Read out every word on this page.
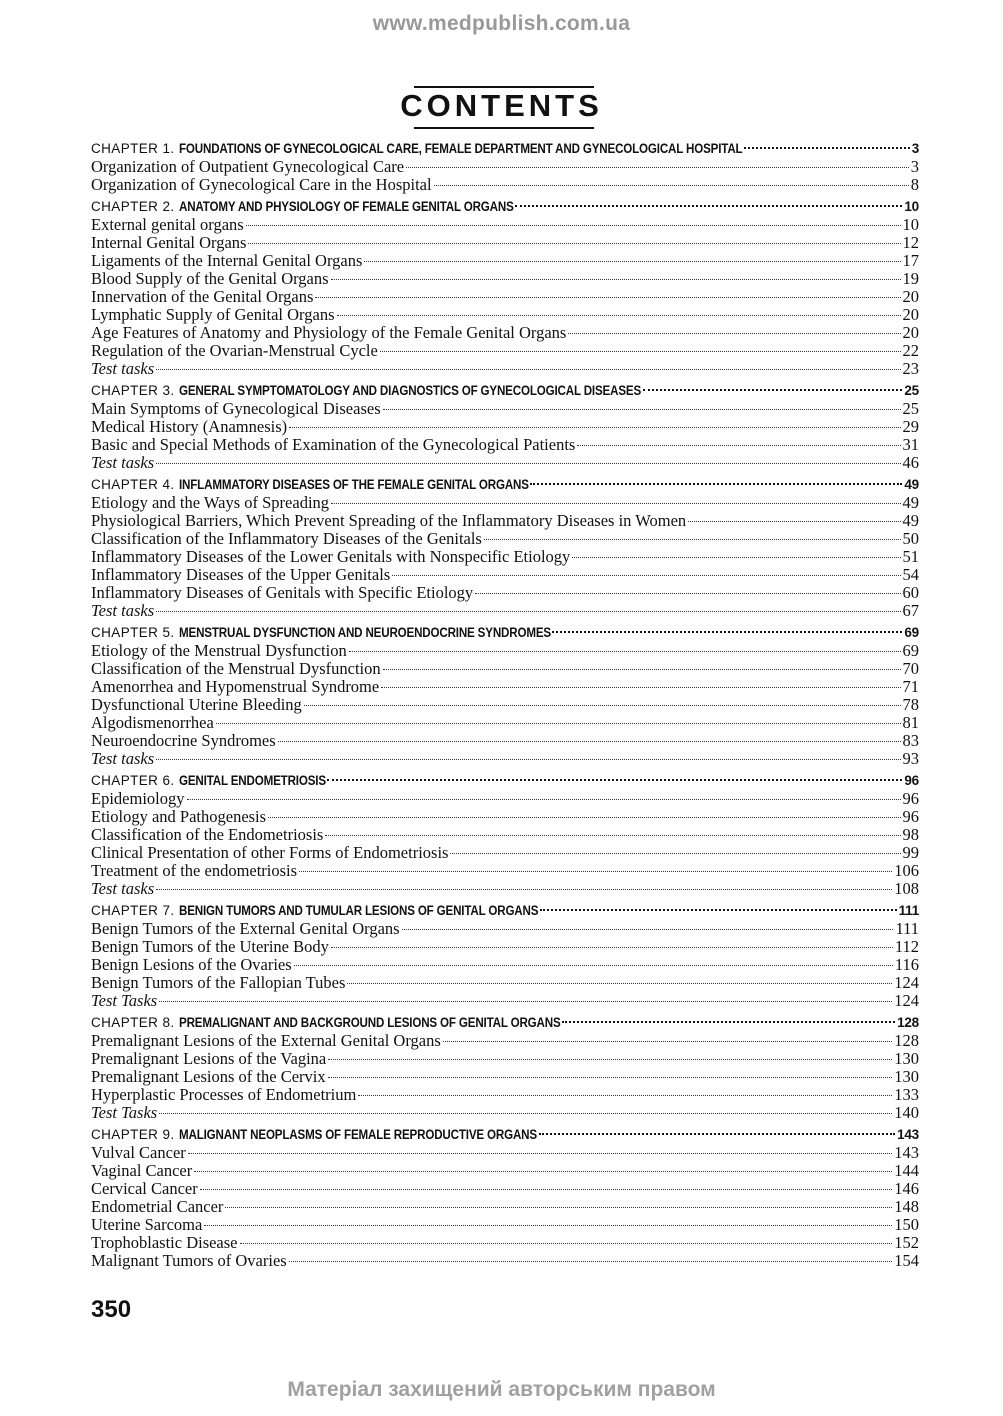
www.medpublish.com.ua
CONTENTS
CHAPTER 1. FOUNDATIONS OF GYNECOLOGICAL CARE, FEMALE DEPARTMENT AND GYNECOLOGICAL HOSPITAL	3
Organization of Outpatient Gynecological Care	3
Organization of Gynecological Care in the Hospital	8
CHAPTER 2. ANATOMY AND PHYSIOLOGY OF FEMALE GENITAL ORGANS	10
External genital organs	10
Internal Genital Organs	12
Ligaments of the Internal Genital Organs	17
Blood Supply of the Genital Organs	19
Innervation of the Genital Organs	20
Lymphatic Supply of Genital Organs	20
Age Features of Anatomy and Physiology of the Female Genital Organs	20
Regulation of the Ovarian-Menstrual Cycle	22
Test tasks	23
CHAPTER 3. GENERAL SYMPTOMATOLOGY AND DIAGNOSTICS OF GYNECOLOGICAL DISEASES	25
Main Symptoms of Gynecological Diseases	25
Medical History (Anamnesis)	29
Basic and Special Methods of Examination of the Gynecological Patients	31
Test tasks	46
CHAPTER 4. INFLAMMATORY DISEASES OF THE FEMALE GENITAL ORGANS	49
Etiology and the Ways of Spreading	49
Physiological Barriers, Which Prevent Spreading of the Inflammatory Diseases in Women	49
Classification of the Inflammatory Diseases of the Genitals	50
Inflammatory Diseases of the Lower Genitals with Nonspecific Etiology	51
Inflammatory Diseases of the Upper Genitals	54
Inflammatory Diseases of Genitals with Specific Etiology	60
Test tasks	67
CHAPTER 5. MENSTRUAL DYSFUNCTION AND NEUROENDOCRINE SYNDROMES	69
Etiology of the Menstrual Dysfunction	69
Classification of the Menstrual Dysfunction	70
Amenorrhea and Hypomenstrual Syndrome	71
Dysfunctional Uterine Bleeding	78
Algodismenorrhea	81
Neuroendocrine Syndromes	83
Test tasks	93
CHAPTER 6. GENITAL ENDOMETRIOSIS	96
Epidemiology	96
Etiology and Pathogenesis	96
Classification of the Endometriosis	98
Clinical Presentation of other Forms of Endometriosis	99
Treatment of the endometriosis	106
Test tasks	108
CHAPTER 7. BENIGN TUMORS AND TUMULAR LESIONS OF GENITAL ORGANS	111
Benign Tumors of the External Genital Organs	111
Benign Tumors of the Uterine Body	112
Benign Lesions of the Ovaries	116
Benign Tumors of the Fallopian Tubes	124
Test Tasks	124
CHAPTER 8. PREMALIGNANT AND BACKGROUND LESIONS OF GENITAL ORGANS	128
Premalignant Lesions of the External Genital Organs	128
Premalignant Lesions of the Vagina	130
Premalignant Lesions of the Cervix	130
Hyperplastic Processes of Endometrium	133
Test Tasks	140
CHAPTER 9. MALIGNANT NEOPLASMS OF FEMALE REPRODUCTIVE ORGANS	143
Vulval Cancer	143
Vaginal Cancer	144
Cervical Cancer	146
Endometrial Cancer	148
Uterine Sarcoma	150
Trophoblastic Disease	152
Malignant Tumors of Ovaries	154
350
Матеріал захищений авторським правом
